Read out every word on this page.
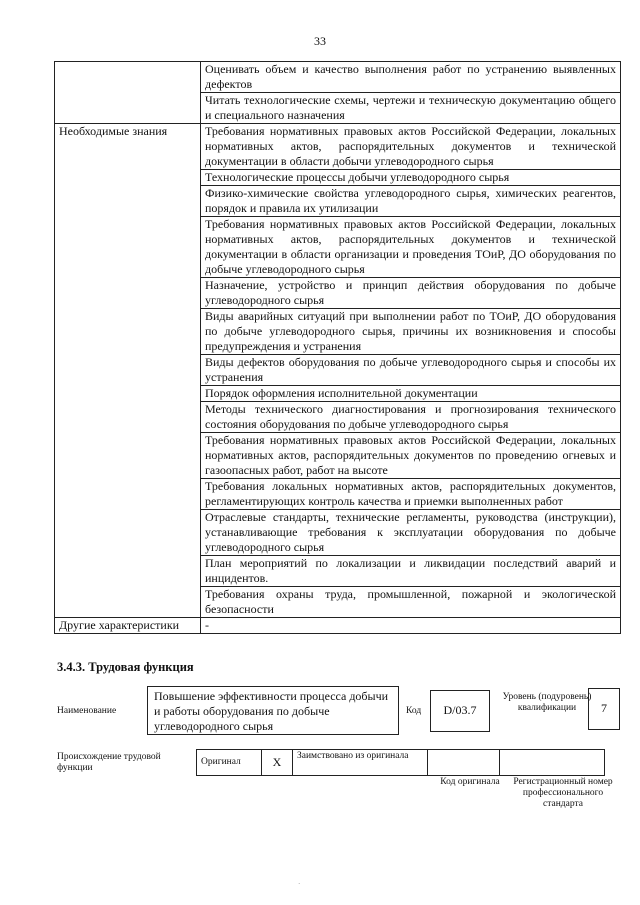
33
	Оценивать объем и качество выполнения работ по устранению выявленных дефектов
	Читать технологические схемы, чертежи и техническую документацию общего и специального назначения
Необходимые знания	Требования нормативных правовых актов Российской Федерации, локальных нормативных актов, распорядительных документов и технической документации в области добычи углеводородного сырья
	Технологические процессы добычи углеводородного сырья
	Физико-химические свойства углеводородного сырья, химических реагентов, порядок и правила их утилизации
	Требования нормативных правовых актов Российской Федерации, локальных нормативных актов, распорядительных документов и технической документации в области организации и проведения ТОиР, ДО оборудования по добыче углеводородного сырья
	Назначение, устройство и принцип действия оборудования по добыче углеводородного сырья
	Виды аварийных ситуаций при выполнении работ по ТОиР, ДО оборудования по добыче углеводородного сырья, причины их возникновения и способы предупреждения и устранения
	Виды дефектов оборудования по добыче углеводородного сырья и способы их устранения
	Порядок оформления исполнительной документации
	Методы технического диагностирования и прогнозирования технического состояния оборудования по добыче углеводородного сырья
	Требования нормативных правовых актов Российской Федерации, локальных нормативных актов, распорядительных документов по проведению огневых и газоопасных работ, работ на высоте
	Требования локальных нормативных актов, распорядительных документов, регламентирующих контроль качества и приемки выполненных работ
	Отраслевые стандарты, технические регламенты, руководства (инструкции), устанавливающие требования к эксплуатации оборудования по добыче углеводородного сырья
	План мероприятий по локализации и ликвидации последствий аварий и инцидентов.
	Требования охраны труда, промышленной, пожарной и экологической безопасности
Другие характеристики	-
3.4.3. Трудовая функция
Наименование
Повышение эффективности процесса добычи и работы оборудования по добыче углеводородного сырья
Код	D/03.7
Уровень (подуровень) квалификации	7
Происхождение трудовой функции
Оригинал	X	Заимствовано из оригинала		
Код оригинала	Регистрационный номер профессионального стандарта
·
